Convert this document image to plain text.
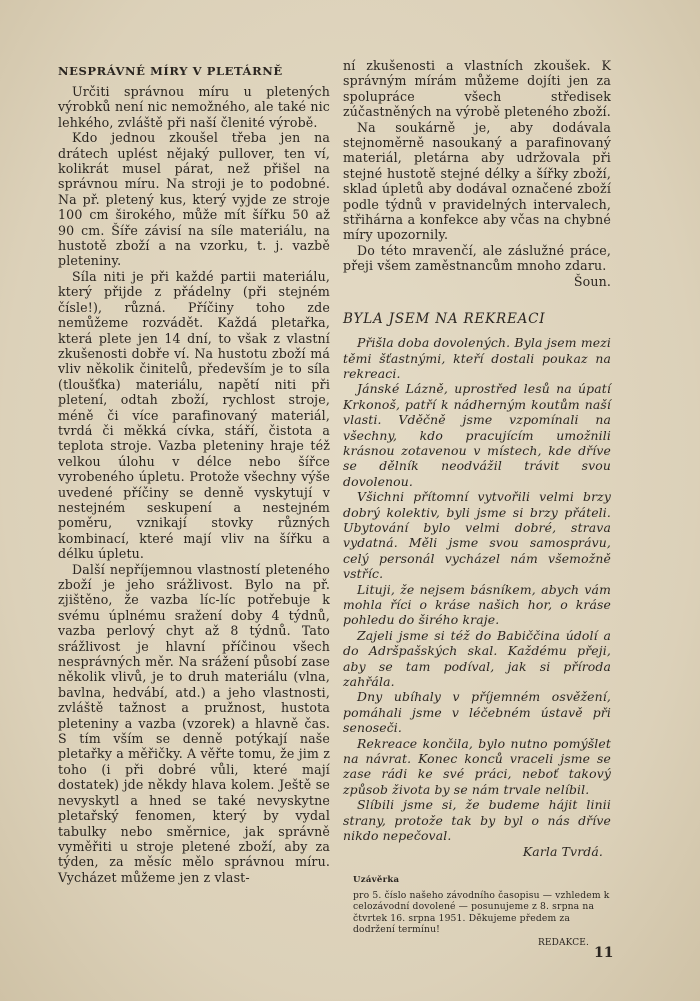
NESPRÁVNÉ MÍRY V PLETÁRNĚ

Určiti správnou míru u pletených výrobků není nic nemožného, ale také nic lehkého, zvláště při naší členité výrobě.

Kdo jednou zkoušel třeba jen na drátech uplést nějaký pullover, ten ví, kolikrát musel párat, než přišel na správnou míru. Na stroji je to podobné. Na př. pletený kus, který vyjde ze stroje 100 cm širokého, může mít šířku 50 až 90 cm. Šíře závisí na síle materiálu, na hustotě zboží a na vzorku, t. j. vazbě pleteniny.

Síla niti je při každé partii materiálu, který přijde z přádelny (při stejném čísle!), různá. Příčiny toho zde nemůžeme rozvádět. Každá pletařka, která plete jen 14 dní, to však z vlastní zkušenosti dobře ví. Na hustotu zboží má vliv několik činitelů, především je to síla (tloušťka) materiálu, napětí niti při pletení, odtah zboží, rychlost stroje, méně či více parafinovaný materiál, tvrdá či měkká cívka, stáří, čistota a teplota stroje. Vazba pleteniny hraje též velkou úlohu v délce nebo šířce vyrobeného úpletu. Protože všechny výše uvedené příčiny se denně vyskytují v nestejném seskupení a nestejném poměru, vznikají stovky různých kombinací, které mají vliv na šířku a délku úpletu.

Další nepříjemnou vlastností pleteného zboží je jeho srážlivost. Bylo na př. zjištěno, že vazba líc-líc potřebuje k svému úplnému sražení doby 4 týdnů, vazba perlový chyt až 8 týdnů. Tato srážlivost je hlavní příčinou všech nesprávných měr. Na srážení působí zase několik vlivů, je to druh materiálu (vlna, bavlna, hedvábí, atd.) a jeho vlastnosti, zvláště tažnost a pružnost, hustota pleteniny a vazba (vzorek) a hlavně čas. S tím vším se denně potýkají naše pletařky a měřičky. A věřte tomu, že jim z toho (i při dobré vůli, které mají dostatek) jde někdy hlava kolem. Ještě se nevyskytl a hned se také nevyskytne pletařský fenomen, který by vydal tabulky nebo směrnice, jak správně vyměřiti u stroje pletené zboží, aby za týden, za měsíc mělo správnou míru. Vycházet můžeme jen z vlast-

ní zkušenosti a vlastních zkoušek. K správným mírám můžeme dojíti jen za spolupráce všech středisek zúčastněných na výrobě pleteného zboží.

Na soukárně je, aby dodávala stejnoměrně nasoukaný a parafinovaný materiál, pletárna aby udržovala při stejné hustotě stejné délky a šířky zboží, sklad úpletů aby dodával označené zboží podle týdnů v pravidelných intervalech, střihárna a konfekce aby včas na chybné míry upozornily.

Do této mravenčí, ale záslužné práce, přeji všem zaměstnancům mnoho zdaru.

Šoun.

BYLA JSEM NA REKREACI

Přišla doba dovolených. Byla jsem mezi těmi šťastnými, kteří dostali poukaz na rekreaci.

Jánské Lázně, uprostřed lesů na úpatí Krkonoš, patří k nádherným koutům naší vlasti. Vděčně jsme vzpomínali na všechny, kdo pracujícím umožnili krásnou zotavenou v místech, kde dříve se dělník neodvážil trávit svou dovolenou.

Všichni přítomní vytvořili velmi brzy dobrý kolektiv, byli jsme si brzy přáteli. Ubytování bylo velmi dobré, strava vydatná. Měli jsme svou samosprávu, celý personál vycházel nám všemožně vstříc.

Lituji, že nejsem básníkem, abych vám mohla říci o kráse našich hor, o kráse pohledu do širého kraje.

Zajeli jsme si též do Babiččina údolí a do Adršpašských skal. Každému přeji, aby se tam podíval, jak si příroda zahřála.

Dny ubíhaly v příjemném osvěžení, pomáhali jsme v léčebném ústavě při senoseči.

Rekreace končila, bylo nutno pomýšlet na návrat. Konec konců vraceli jsme se zase rádi ke své práci, neboť takový způsob života by se nám trvale nelíbil.

Slíbili jsme si, že budeme hájit linii strany, protože tak by byl o nás dříve nikdo nepečoval.

Karla Tvrdá.

Uzávěrka

pro 5. číslo našeho závodního časopisu — vzhledem k celozávodní dovolené — posunujeme z 8. srpna na čtvrtek 16. srpna 1951. Děkujeme předem za dodržení termínu!

REDAKCE.

11
